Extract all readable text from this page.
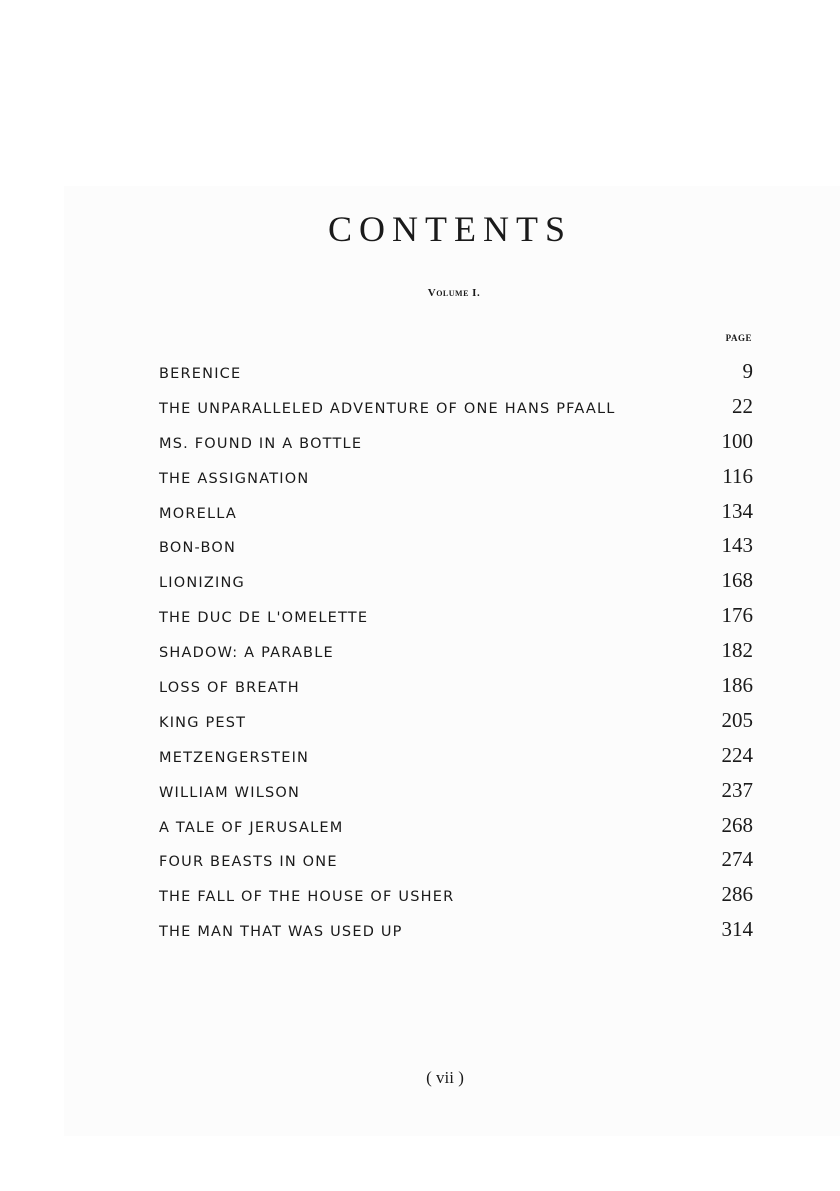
CONTENTS
Volume I.
PAGE
BERENICE	9
THE UNPARALLELED ADVENTURE OF ONE HANS PFAALL	22
MS. FOUND IN A BOTTLE	100
THE ASSIGNATION	116
MORELLA	134
BON-BON	143
LIONIZING	168
THE DUC DE L'OMELETTE	176
SHADOW: A PARABLE	182
LOSS OF BREATH	186
KING PEST	205
METZENGERSTEIN	224
WILLIAM WILSON	237
A TALE OF JERUSALEM	268
FOUR BEASTS IN ONE	274
THE FALL OF THE HOUSE OF USHER	286
THE MAN THAT WAS USED UP	314
( vii )
